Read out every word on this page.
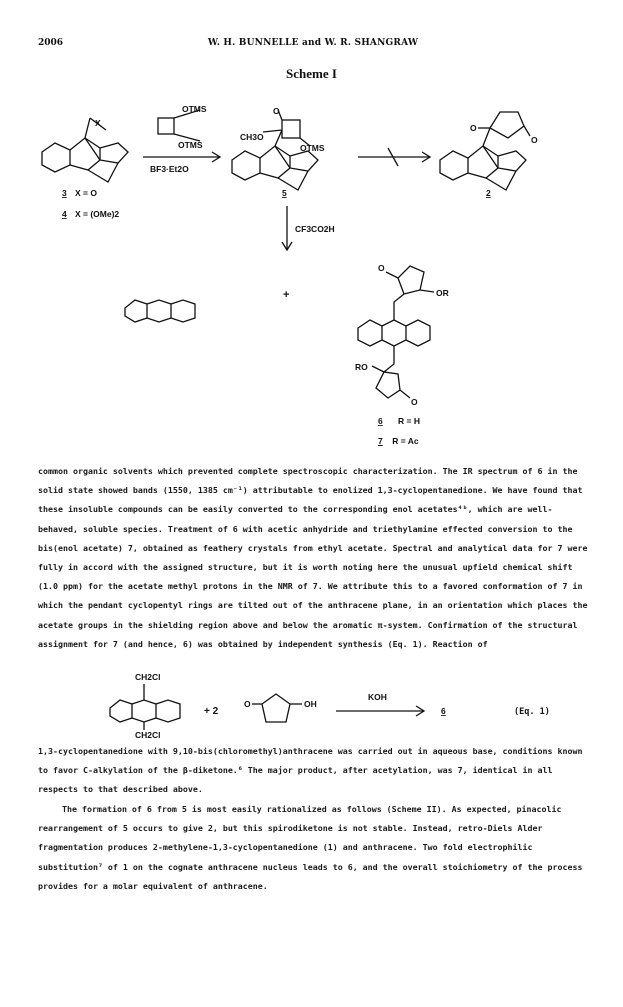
2006	W. H. BUNNELLE and W. R. SHANGRAW
Scheme I
X
OTMS
OTMS
BF3·Et2O
3 X = O
4 X = (OMe)2
O
CH3O
OTMS
5
O
O
2
CF3CO2H
+
O
OR
RO
O
6 R = H
7 R = Ac

common organic solvents which prevented complete spectroscopic characterization. The IR spectrum of 6 in the solid state showed bands (1550, 1385 cm⁻¹) attributable to enolized 1,3-cyclopentanedione. We have found that these insoluble compounds can be easily converted to the corresponding enol acetates⁴ᵇ, which are well-behaved, soluble species. Treatment of 6 with acetic anhydride and triethylamine effected conversion to the bis(enol acetate) 7, obtained as feathery crystals from ethyl acetate. Spectral and analytical data for 7 were fully in accord with the assigned structure, but it is worth noting here the unusual upfield chemical shift (1.0 ppm) for the acetate methyl protons in the NMR of 7. We attribute this to a favored conformation of 7 in which the pendant cyclopentyl rings are tilted out of the anthracene plane, in an orientation which places the acetate groups in the shielding region above and below the aromatic π-system. Confirmation of the structural assignment for 7 (and hence, 6) was obtained by independent synthesis (Eq. 1). Reaction of

CH2Cl
CH2Cl
+ 2
O	OH
KOH
6	(Eq. 1)

1,3-cyclopentanedione with 9,10-bis(chloromethyl)anthracene was carried out in aqueous base, conditions known to favor C-alkylation of the β-diketone.⁶ The major product, after acetylation, was 7, identical in all respects to that described above.

The formation of 6 from 5 is most easily rationalized as follows (Scheme II). As expected, pinacolic rearrangement of 5 occurs to give 2, but this spirodiketone is not stable. Instead, retro-Diels Alder fragmentation produces 2-methylene-1,3-cyclopentanedione (1) and anthracene. Two fold electrophilic substitution⁷ of 1 on the cognate anthracene nucleus leads to 6, and the overall stoichiometry of the process provides for a molar equivalent of anthracene.
